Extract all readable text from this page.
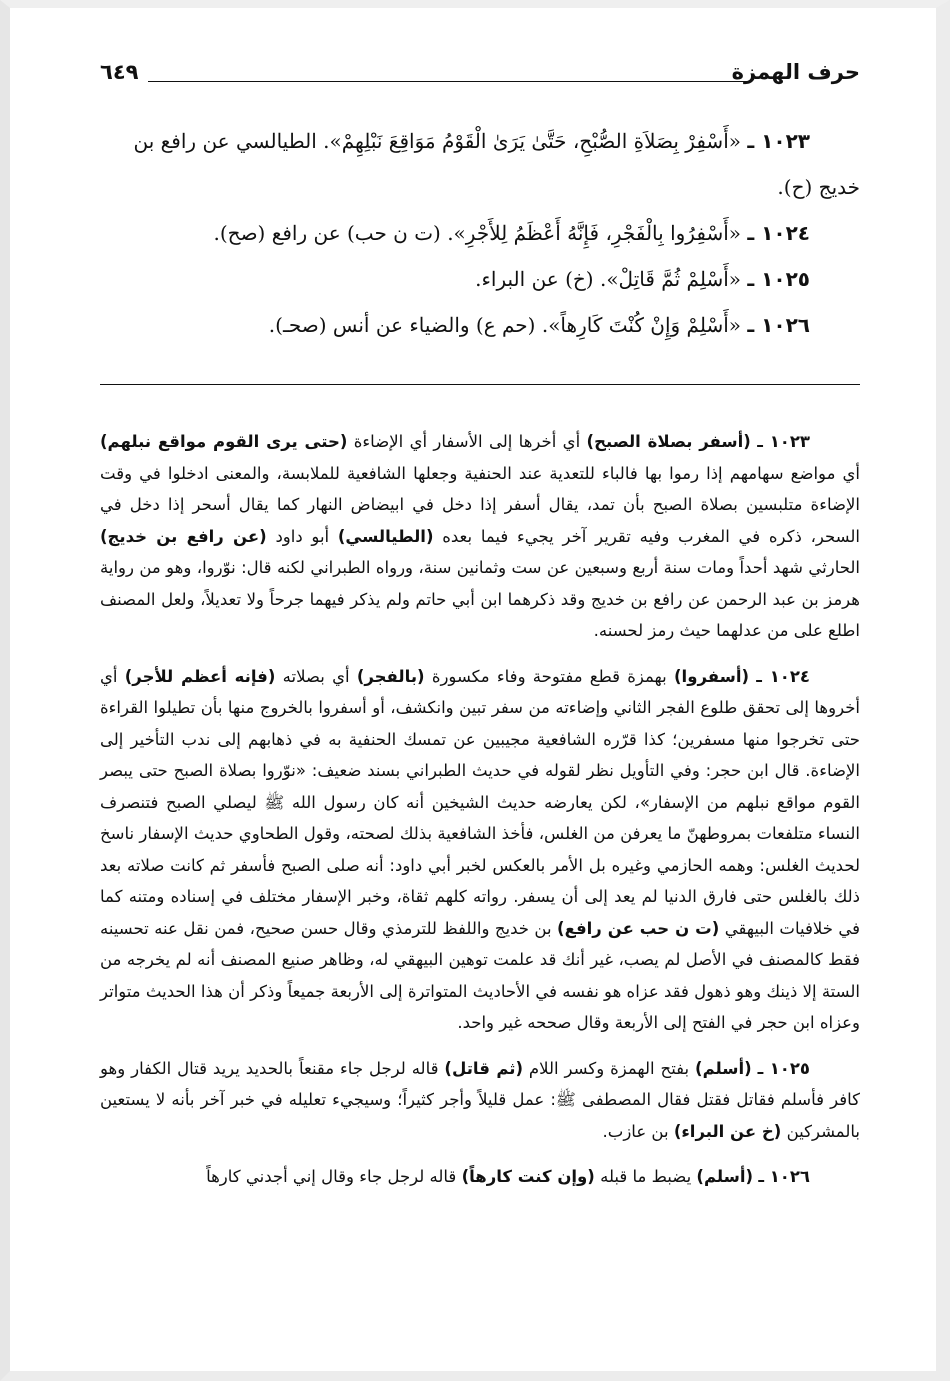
حرف الهمزة
٦٤٩

١٠٢٣ ـ «أَسْفِرْ بِصَلاَةِ الصُّبْحِ، حَتَّىٰ يَرَىٰ الْقَوْمُ مَوَاقِعَ نَبْلِهِمْ». الطيالسي عن رافع بن

خديج (ح).

١٠٢٤ ـ «أَسْفِرُوا بِالْفَجْرِ، فَإِنَّهُ أَعْظَمُ لِلأَجْرِ». (ت ن حب) عن رافع (صح).

١٠٢٥ ـ «أَسْلِمْ ثُمَّ قَاتِلْ». (خ) عن البراء.

١٠٢٦ ـ «أَسْلِمْ وَإِنْ كُنْتَ كَارِهاً». (حم ع) والضياء عن أنس (صحـ).

١٠٢٣ ـ (أسفر بصلاة الصبح) أي أخرها إلى الأسفار أي الإضاءة (حتى يرى القوم مواقع نبلهم) أي مواضع سهامهم إذا رموا بها فالباء للتعدية عند الحنفية وجعلها الشافعية للملابسة، والمعنى ادخلوا في وقت الإضاءة متلبسين بصلاة الصبح بأن تمد، يقال أسفر إذا دخل في ابيضاض النهار كما يقال أسحر إذا دخل في السحر، ذكره في المغرب وفيه تقرير آخر يجيء فيما بعده (الطيالسي) أبو داود (عن رافع بن خديج) الحارثي شهد أحداً ومات سنة أربع وسبعين عن ست وثمانين سنة، ورواه الطبراني لكنه قال: نوّروا، وهو من رواية هرمز بن عبد الرحمن عن رافع بن خديج وقد ذكرهما ابن أبي حاتم ولم يذكر فيهما جرحاً ولا تعديلاً، ولعل المصنف اطلع على من عدلهما حيث رمز لحسنه.

١٠٢٤ ـ (أسفروا) بهمزة قطع مفتوحة وفاء مكسورة (بالفجر) أي بصلاته (فإنه أعظم للأجر) أي أخروها إلى تحقق طلوع الفجر الثاني وإضاءته من سفر تبين وانكشف، أو أسفروا بالخروج منها بأن تطيلوا القراءة حتى تخرجوا منها مسفرين؛ كذا قرّره الشافعية مجيبين عن تمسك الحنفية به في ذهابهم إلى ندب التأخير إلى الإضاءة. قال ابن حجر: وفي التأويل نظر لقوله في حديث الطبراني بسند ضعيف: «نوّروا بصلاة الصبح حتى يبصر القوم مواقع نبلهم من الإسفار»، لكن يعارضه حديث الشيخين أنه كان رسول الله ﷺ ليصلي الصبح فتنصرف النساء متلفعات بمروطهنّ ما يعرفن من الغلس، فأخذ الشافعية بذلك لصحته، وقول الطحاوي حديث الإسفار ناسخ لحديث الغلس: وهمه الحازمي وغيره بل الأمر بالعكس لخبر أبي داود: أنه صلى الصبح فأسفر ثم كانت صلاته بعد ذلك بالغلس حتى فارق الدنيا لم يعد إلى أن يسفر. رواته كلهم ثقاة، وخبر الإسفار مختلف في إسناده ومتنه كما في خلافيات البيهقي (ت ن حب عن رافع) بن خديج واللفظ للترمذي وقال حسن صحيح، فمن نقل عنه تحسينه فقط كالمصنف في الأصل لم يصب، غير أنك قد علمت توهين البيهقي له، وظاهر صنيع المصنف أنه لم يخرجه من الستة إلا ذينك وهو ذهول فقد عزاه هو نفسه في الأحاديث المتواترة إلى الأربعة جميعاً وذكر أن هذا الحديث متواتر وعزاه ابن حجر في الفتح إلى الأربعة وقال صححه غير واحد.

١٠٢٥ ـ (أسلم) بفتح الهمزة وكسر اللام (ثم قاتل) قاله لرجل جاء مقنعاً بالحديد يريد قتال الكفار وهو كافر فأسلم فقاتل فقتل فقال المصطفى ﷺ: عمل قليلاً وأجر كثيراً؛ وسيجيء تعليله في خبر آخر بأنه لا يستعين بالمشركين (خ عن البراء) بن عازب.

١٠٢٦ ـ (أسلم) يضبط ما قبله (وإن كنت كارهاً) قاله لرجل جاء وقال إني أجدني كارهاً
